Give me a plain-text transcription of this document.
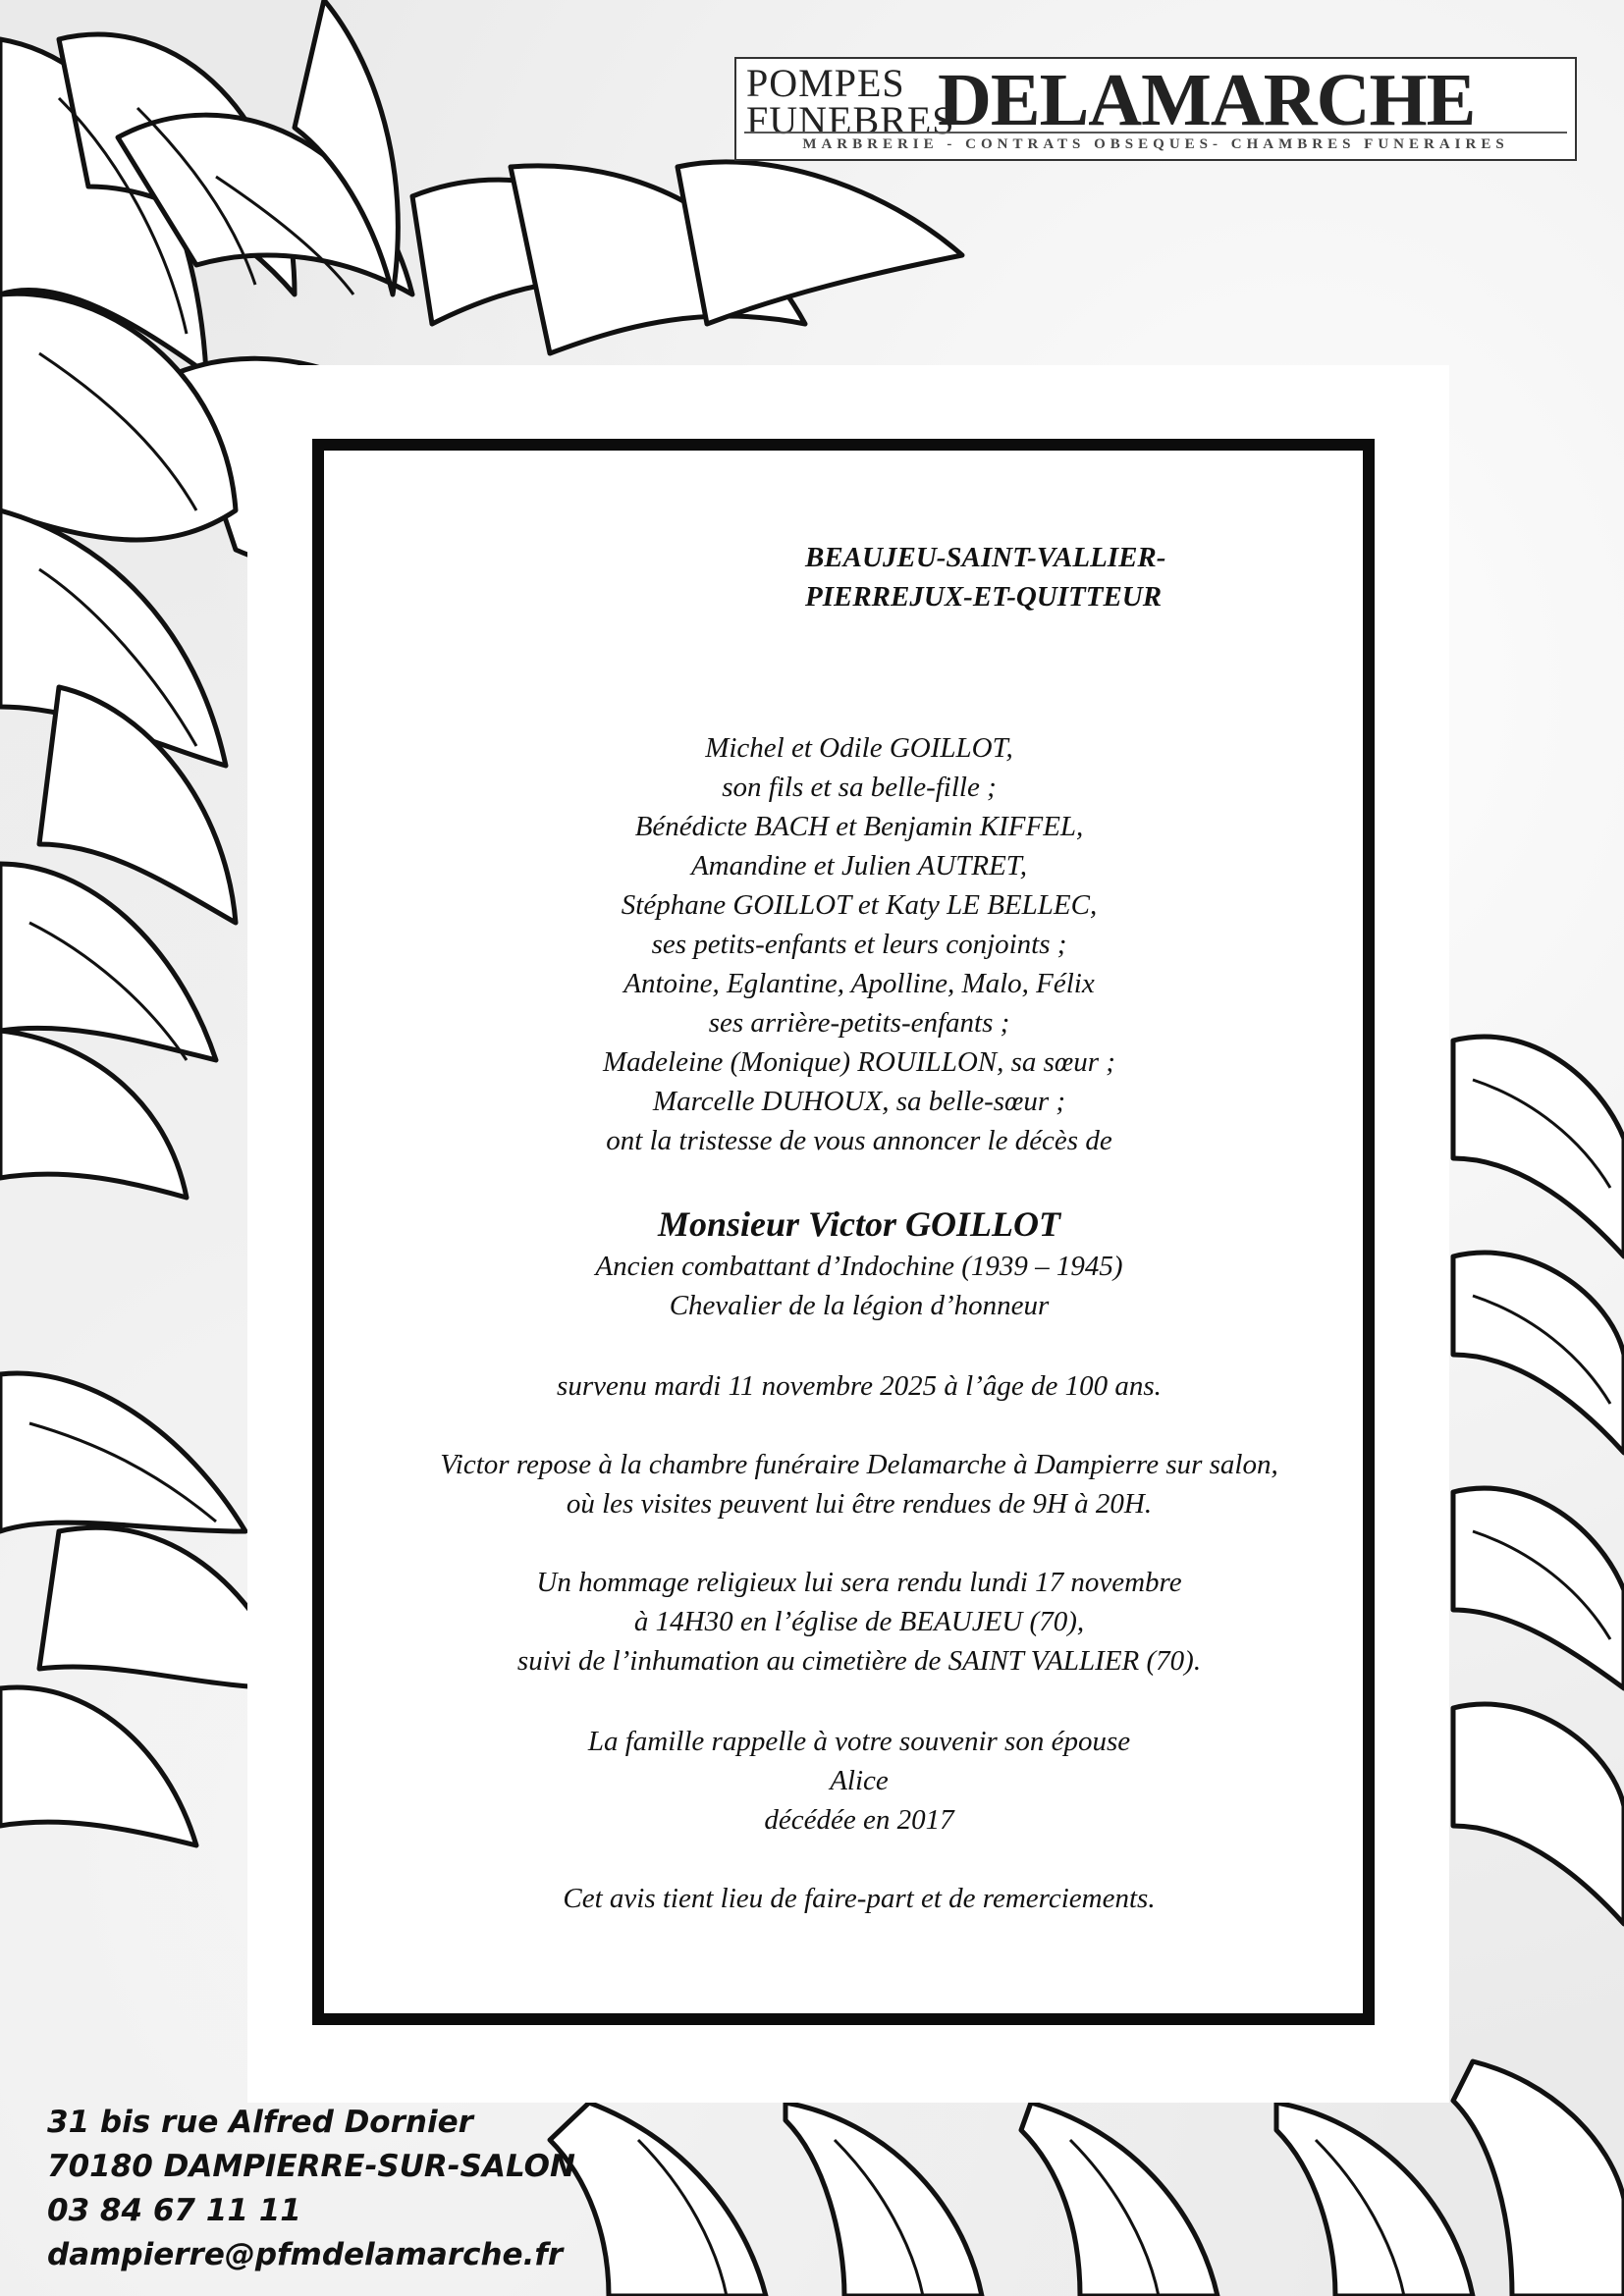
POMPES
FUNEBRES
DELAMARCHE
MARBRERIE - CONTRATS OBSEQUES- CHAMBRES FUNERAIRES
BEAUJEU-SAINT-VALLIER-
PIERREJUX-ET-QUITTEUR
Michel et Odile GOILLOT,
son fils et sa belle-fille ;
Bénédicte BACH et Benjamin KIFFEL,
Amandine et Julien AUTRET,
Stéphane GOILLOT et Katy LE BELLEC,
ses petits-enfants et leurs conjoints ;
Antoine, Eglantine, Apolline, Malo, Félix
ses arrière-petits-enfants ;
Madeleine (Monique) ROUILLON, sa sœur ;
Marcelle DUHOUX, sa belle-sœur ;
ont la tristesse de vous annoncer le décès de
Monsieur Victor GOILLOT
Ancien combattant d’Indochine (1939 – 1945)
Chevalier de la légion d’honneur
survenu mardi 11 novembre 2025 à l’âge de 100 ans.
Victor repose à la chambre funéraire Delamarche à Dampierre sur salon,
où les visites peuvent lui être rendues de 9H à 20H.
Un hommage religieux lui sera rendu lundi 17 novembre
à 14H30 en l’église de BEAUJEU (70),
suivi de l’inhumation au cimetière de SAINT VALLIER (70).
La famille rappelle à votre souvenir son épouse
Alice
décédée en 2017
Cet avis tient lieu de faire-part et de remerciements.
31 bis rue Alfred Dornier
70180 DAMPIERRE-SUR-SALON
03 84 67 11 11
dampierre@pfmdelamarche.fr
